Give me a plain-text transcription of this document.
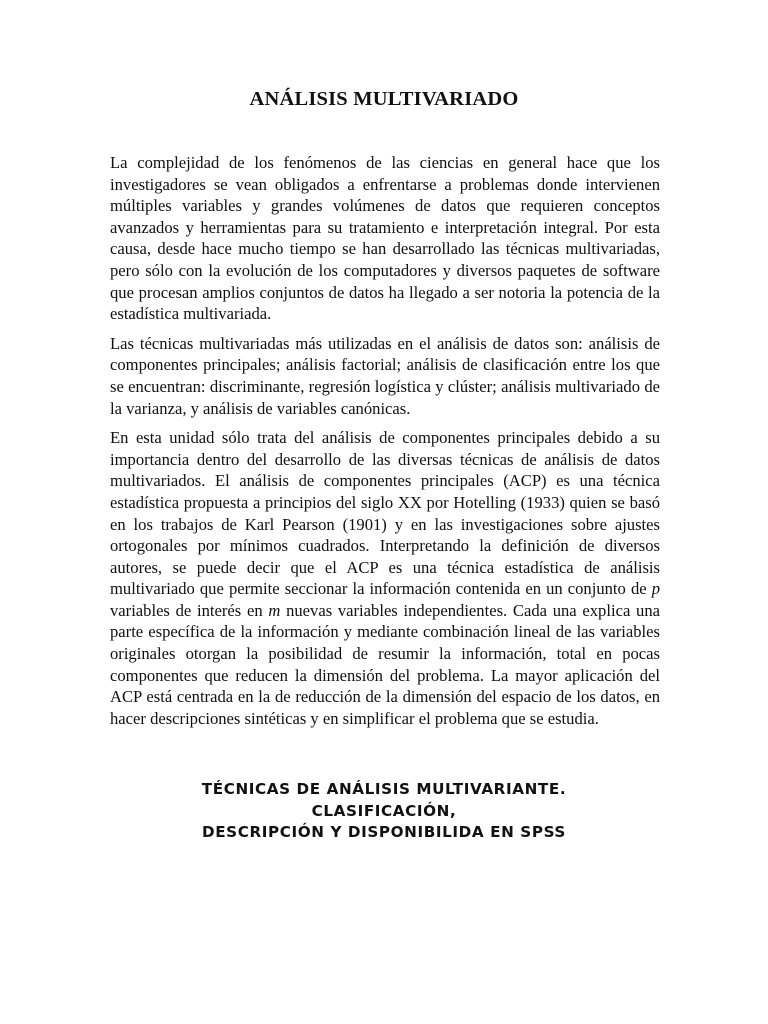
ANÁLISIS MULTIVARIADO

La complejidad de los fenómenos de las ciencias en general hace que los investigadores se vean obligados a enfrentarse a problemas donde intervienen múltiples variables y grandes volúmenes de datos que requieren conceptos avanzados y herramientas para su tratamiento e interpretación integral. Por esta causa, desde hace mucho tiempo se han desarrollado las técnicas multivariadas, pero sólo con la evolución de los computadores y diversos paquetes de software que procesan amplios conjuntos de datos ha llegado a ser notoria la potencia de la estadística multivariada.

Las técnicas multivariadas más utilizadas en el análisis de datos son: análisis de componentes principales; análisis factorial; análisis de clasificación entre los que se encuentran: discriminante, regresión logística y clúster; análisis multivariado de la varianza, y análisis de variables canónicas.

En esta unidad sólo trata del análisis de componentes principales debido a su importancia dentro del desarrollo de las diversas técnicas de análisis de datos multivariados. El análisis de componentes principales (ACP) es una técnica estadística propuesta a principios del siglo XX por Hotelling (1933) quien se basó en los trabajos de Karl Pearson (1901) y en las investigaciones sobre ajustes ortogonales por mínimos cuadrados. Interpretando la definición de diversos autores, se puede decir que el ACP es una técnica estadística de análisis multivariado que permite seccionar la información contenida en un conjunto de p variables de interés en m nuevas variables independientes. Cada una explica una parte específica de la información y mediante combinación lineal de las variables originales otorgan la posibilidad de resumir la información, total en pocas componentes que reducen la dimensión del problema. La mayor aplicación del ACP está centrada en la de reducción de la dimensión del espacio de los datos, en hacer descripciones sintéticas y en simplificar el problema que se estudia.

TÉCNICAS DE ANÁLISIS MULTIVARIANTE.
CLASIFICACIÓN,
DESCRIPCIÓN Y DISPONIBILIDA EN SPSS
